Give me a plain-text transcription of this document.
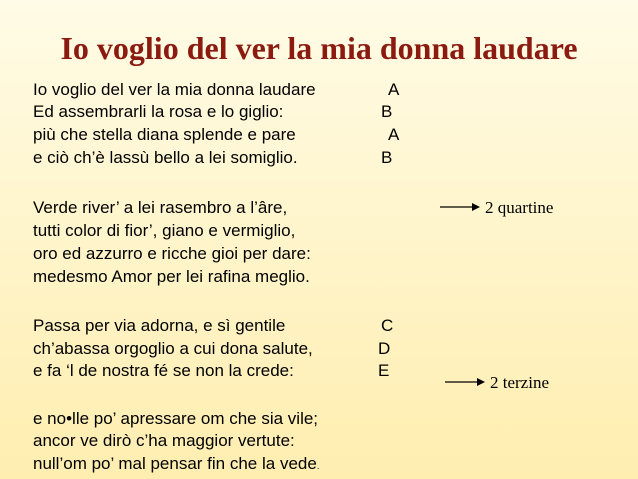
Io voglio del ver la mia donna laudare
Io voglio del ver la mia donna laudare	A
Ed assembrarli la rosa e lo giglio:	B
più che stella diana splende e pare	A
e ciò ch’è lassù bello a lei somiglio.	B
Verde river’ a lei rasembro a l’âre,
tutti color di fior’, giano e vermiglio,
oro ed azzurro e ricche gioi per dare:
medesmo Amor per lei rafina meglio.
2 quartine
Passa per via adorna, e sì gentile	C
ch’abassa orgoglio a cui dona salute,	D
e fa ‘l de nostra fé se non la crede:	E
2 terzine
e no•lle po’ apressare om che sia vile;
ancor ve dirò c’ha maggior vertute:
null’om po’ mal pensar fin che la vede.
